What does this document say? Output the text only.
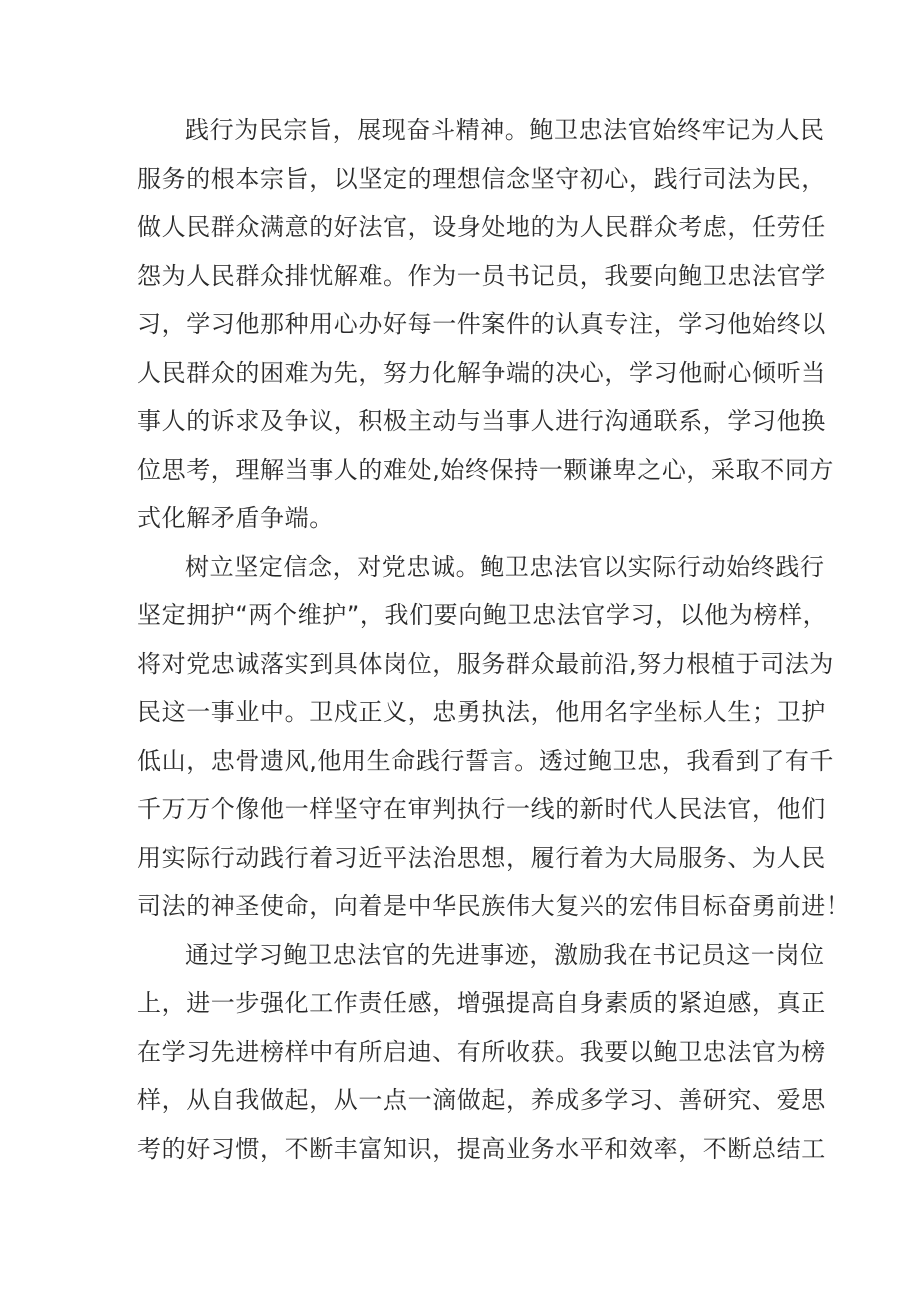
践行为民宗旨，展现奋斗精神。鲍卫忠法官始终牢记为人民
服务的根本宗旨，以坚定的理想信念坚守初心，践行司法为民，
做人民群众满意的好法官，设身处地的为人民群众考虑，任劳任
怨为人民群众排忧解难。作为一员书记员，我要向鲍卫忠法官学
习，学习他那种用心办好每一件案件的认真专注，学习他始终以
人民群众的困难为先，努力化解争端的决心，学习他耐心倾听当
事人的诉求及争议，积极主动与当事人进行沟通联系，学习他换
位思考，理解当事人的难处,始终保持一颗谦卑之心，采取不同方
式化解矛盾争端。
树立坚定信念，对党忠诚。鲍卫忠法官以实际行动始终践行
坚定拥护“两个维护”，我们要向鲍卫忠法官学习，以他为榜样，
将对党忠诚落实到具体岗位，服务群众最前沿,努力根植于司法为
民这一事业中。卫戍正义，忠勇执法，他用名字坐标人生；卫护
低山，忠骨遗风,他用生命践行誓言。透过鲍卫忠，我看到了有千
千万万个像他一样坚守在审判执行一线的新时代人民法官，他们
用实际行动践行着习近平法治思想，履行着为大局服务、为人民
司法的神圣使命，向着是中华民族伟大复兴的宏伟目标奋勇前进！
通过学习鲍卫忠法官的先进事迹，激励我在书记员这一岗位
上，进一步强化工作责任感，增强提高自身素质的紧迫感，真正
在学习先进榜样中有所启迪、有所收获。我要以鲍卫忠法官为榜
样，从自我做起，从一点一滴做起，养成多学习、善研究、爱思
考的好习惯，不断丰富知识，提高业务水平和效率，不断总结工
